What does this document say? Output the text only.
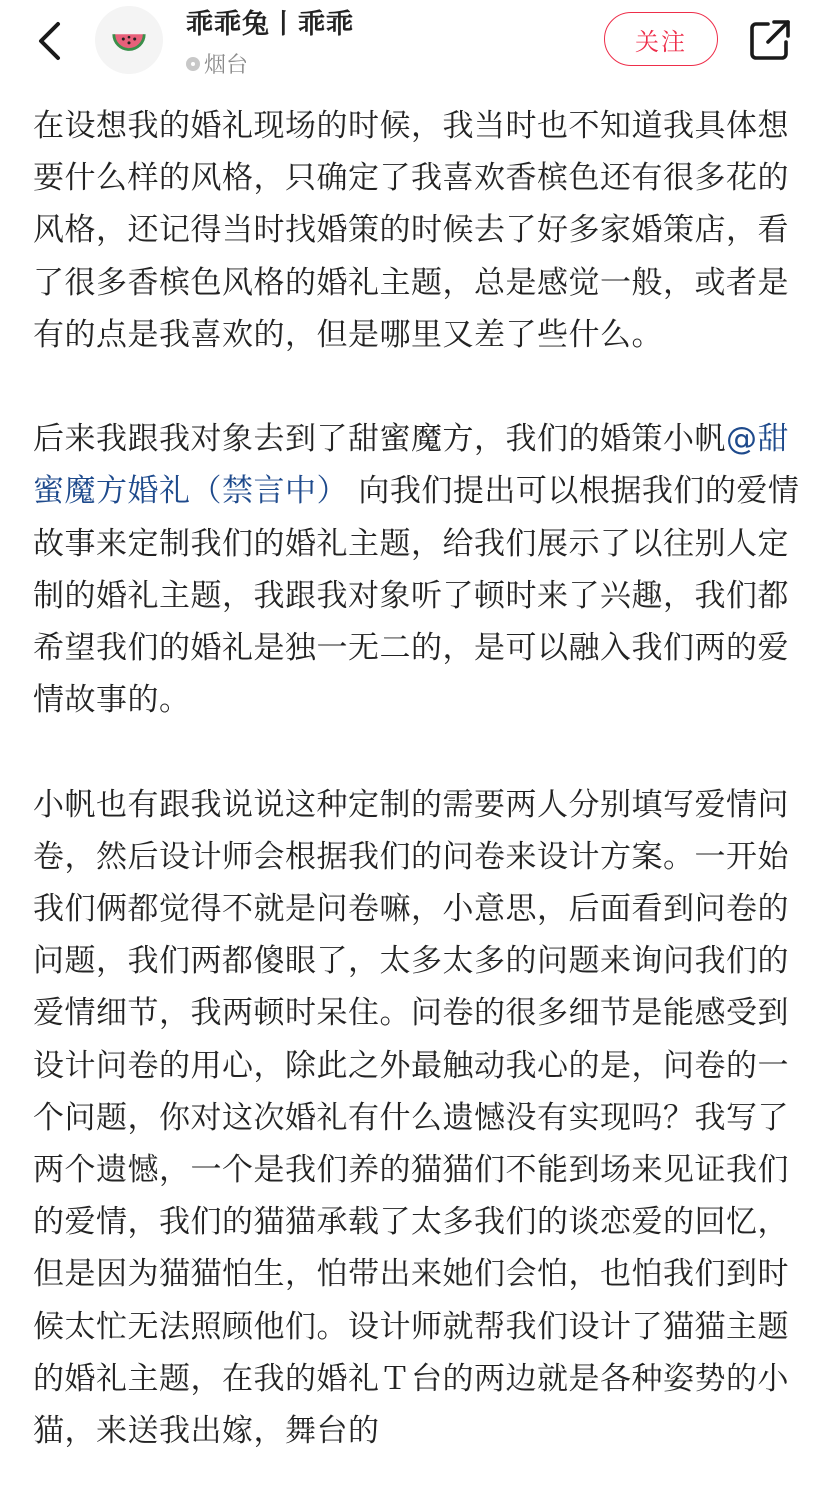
乖乖兔丨乖乖
烟台
关注

在设想我的婚礼现场的时候，我当时也不知道我具体想要什么样的风格，只确定了我喜欢香槟色还有很多花的风格，还记得当时找婚策的时候去了好多家婚策店，看了很多香槟色风格的婚礼主题，总是感觉一般，或者是有的点是我喜欢的，但是哪里又差了些什么。

后来我跟我对象去到了甜蜜魔方，我们的婚策小帆@甜蜜魔方婚礼（禁言中） 向我们提出可以根据我们的爱情故事来定制我们的婚礼主题，给我们展示了以往别人定制的婚礼主题，我跟我对象听了顿时来了兴趣，我们都希望我们的婚礼是独一无二的，是可以融入我们两的爱情故事的。

小帆也有跟我说说这种定制的需要两人分别填写爱情问卷，然后设计师会根据我们的问卷来设计方案。一开始我们俩都觉得不就是问卷嘛，小意思，后面看到问卷的问题，我们两都傻眼了，太多太多的问题来询问我们的爱情细节，我两顿时呆住。问卷的很多细节是能感受到设计问卷的用心，除此之外最触动我心的是，问卷的一个问题，你对这次婚礼有什么遗憾没有实现吗？我写了两个遗憾，一个是我们养的猫猫们不能到场来见证我们的爱情，我们的猫猫承载了太多我们的谈恋爱的回忆，但是因为猫猫怕生，怕带出来她们会怕，也怕我们到时候太忙无法照顾他们。设计师就帮我们设计了猫猫主题的婚礼主题，在我的婚礼Ｔ台的两边就是各种姿势的小猫，来送我出嫁，舞台的
